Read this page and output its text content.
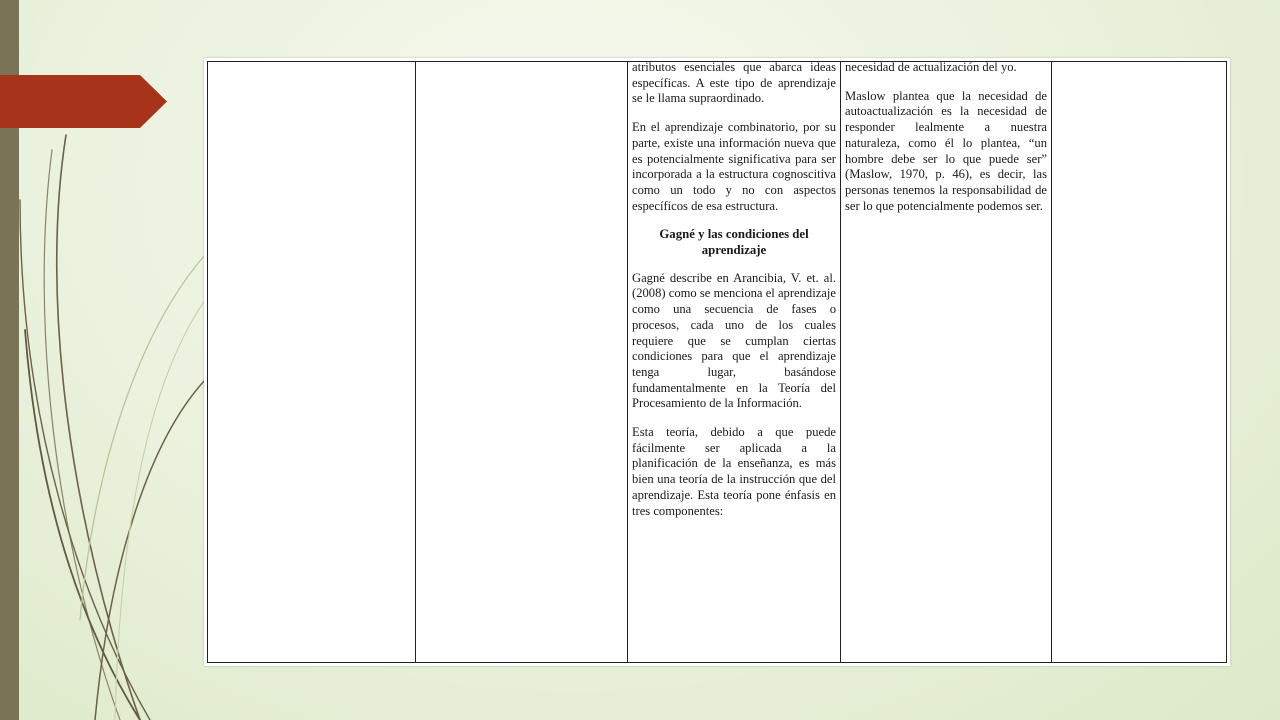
atributos esenciales que abarca ideas específicas. A este tipo de aprendizaje se le llama supraordinado.

En el aprendizaje combinatorio, por su parte, existe una información nueva que es potencialmente significativa para ser incorporada a la estructura cognoscitiva como un todo y no con aspectos específicos de esa estructura.

Gagné y las condiciones del aprendizaje

Gagné describe en Arancibia, V. et. al. (2008) como se menciona el aprendizaje como una secuencia de fases o procesos, cada uno de los cuales requiere que se cumplan ciertas condiciones para que el aprendizaje tenga lugar, basándose fundamentalmente en la Teoría del Procesamiento de la Información.

Esta teoría, debido a que puede fácilmente ser aplicada a la planificación de la enseñanza, es más bien una teoría de la instrucción que del aprendizaje. Esta teoría pone énfasis en tres componentes:

necesidad de actualización del yo.

Maslow plantea que la necesidad de autoactualización es la necesidad de responder lealmente a nuestra naturaleza, como él lo plantea, “un hombre debe ser lo que puede ser” (Maslow, 1970, p. 46), es decir, las personas tenemos la responsabilidad de ser lo que potencialmente podemos ser.
